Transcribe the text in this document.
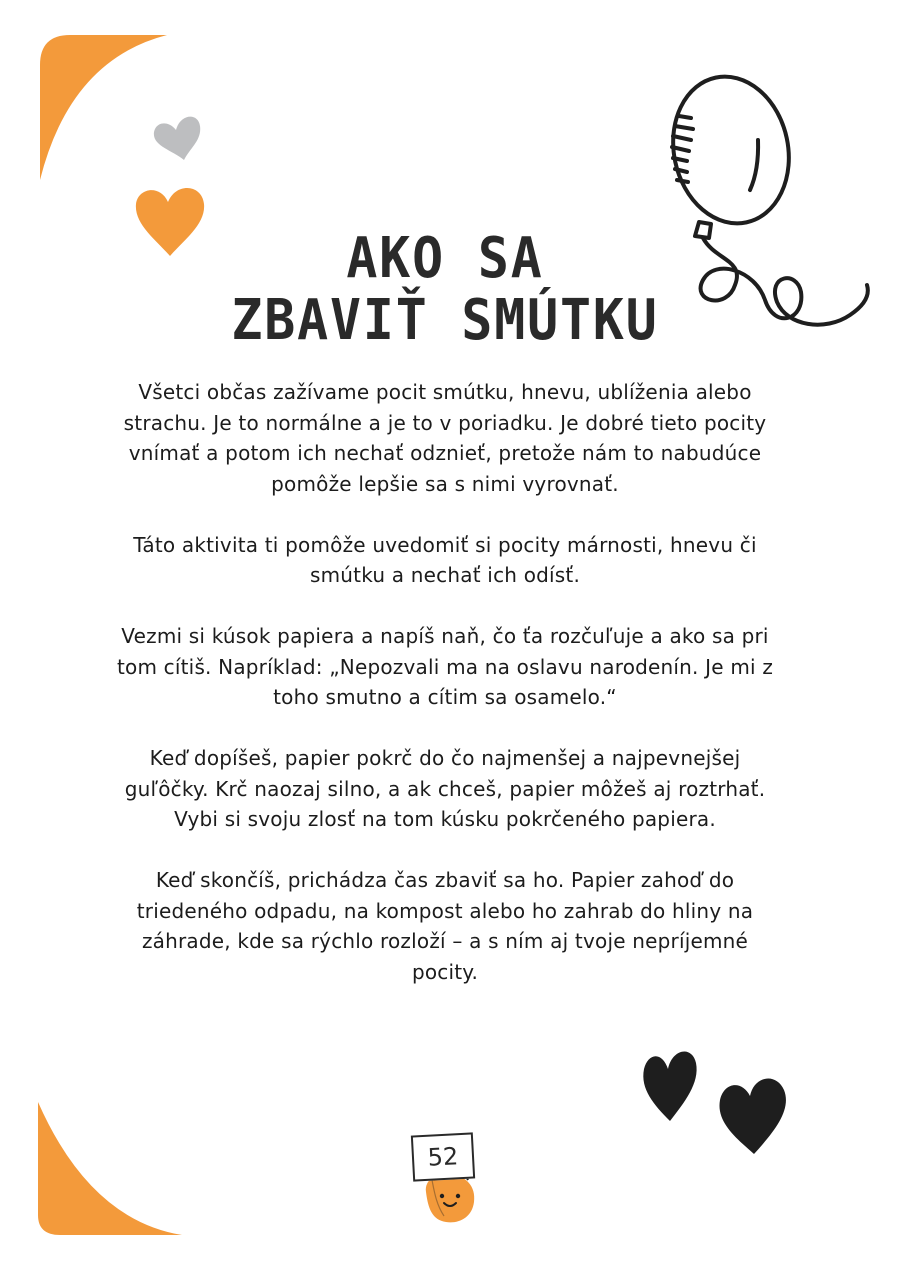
AKO SA
ZBAVIŤ SMÚTKU

Všetci občas zažívame pocit smútku, hnevu, ublíženia alebo strachu. Je to normálne a je to v poriadku. Je dobré tieto pocity vnímať a potom ich nechať odznieť, pretože nám to nabudúce pomôže lepšie sa s nimi vyrovnať.

Táto aktivita ti pomôže uvedomiť si pocity márnosti, hnevu či smútku a nechať ich odísť.

Vezmi si kúsok papiera a napíš naň, čo ťa rozčuľuje a ako sa pri tom cítiš. Napríklad: „Nepozvali ma na oslavu narodenín. Je mi z toho smutno a cítim sa osamelo.“

Keď dopíšeš, papier pokrč do čo najmenšej a najpevnejšej guľôčky. Krč naozaj silno, a ak chceš, papier môžeš aj roztrhať. Vybi si svoju zlosť na tom kúsku pokrčeného papiera.

Keď skončíš, prichádza čas zbaviť sa ho. Papier zahoď do triedeného odpadu, na kompost alebo ho zahrab do hliny na záhrade, kde sa rýchlo rozloží – a s ním aj tvoje nepríjemné pocity.

52
